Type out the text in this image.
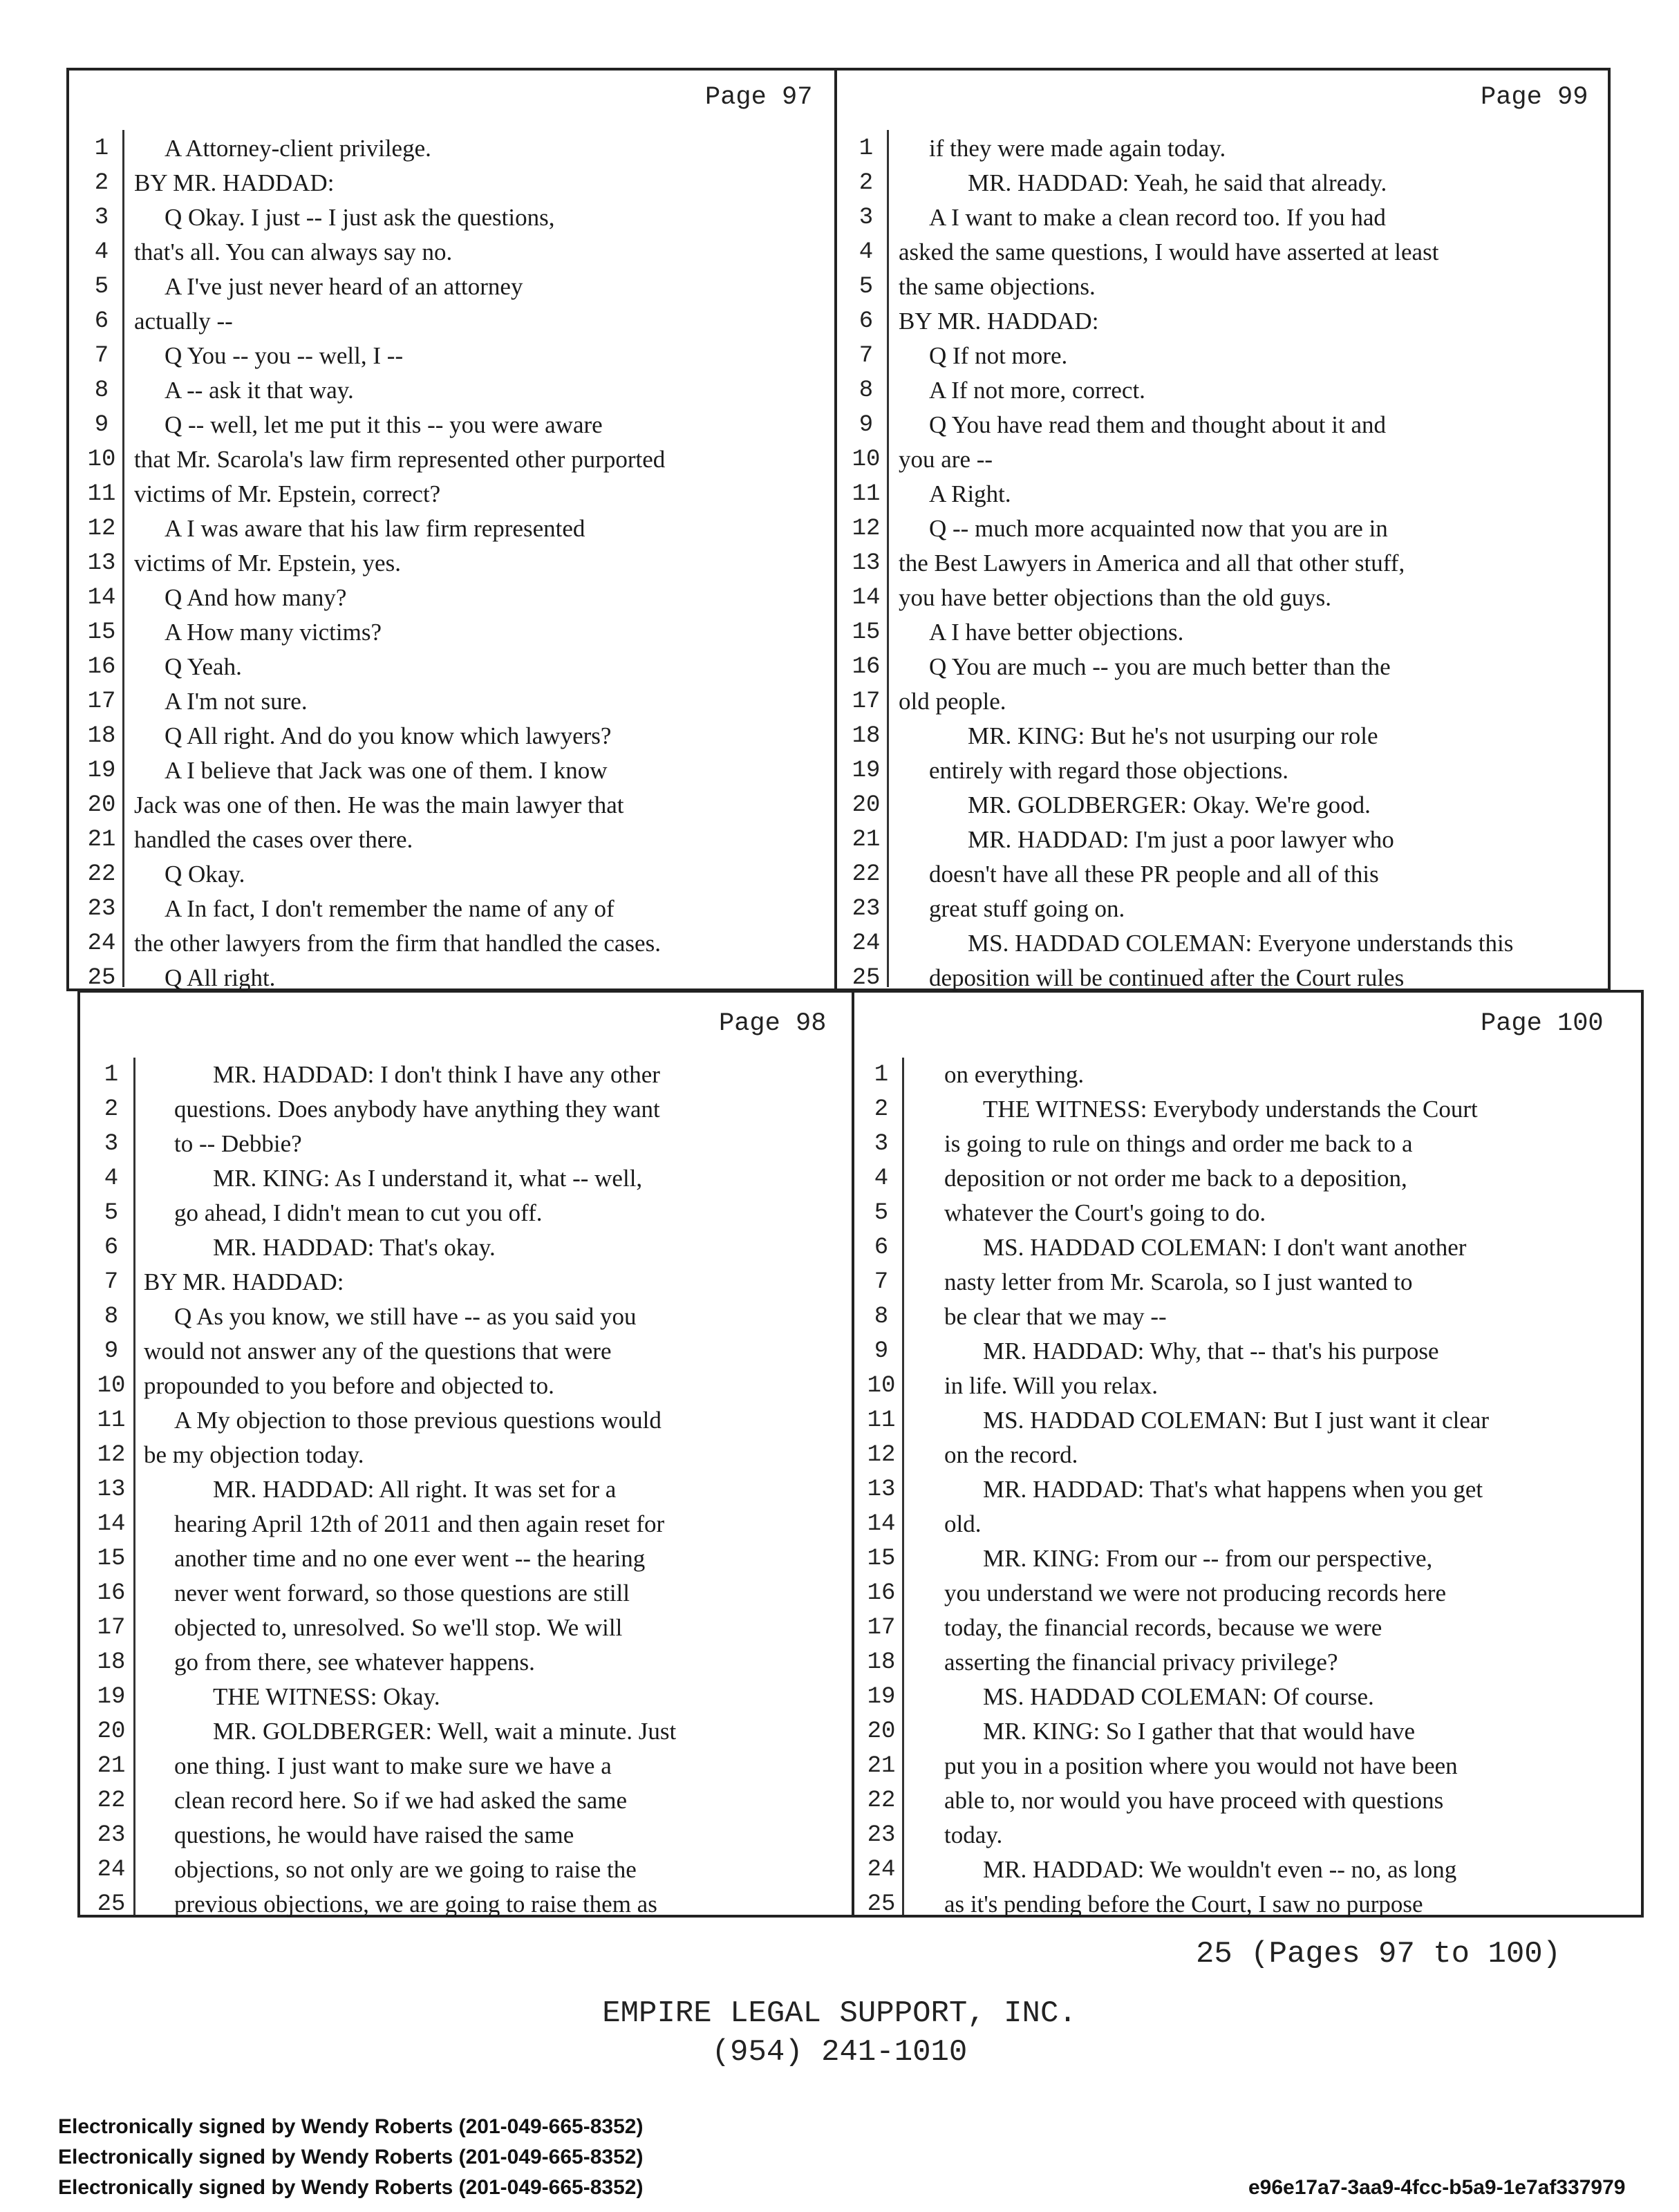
Page 97	Page 99
Page 98	Page 100
1	A Attorney-client privilege.
2	BY MR. HADDAD:
3	Q Okay. I just -- I just ask the questions,
4	that's all. You can always say no.
5	A I've just never heard of an attorney
6	actually --
7	Q You -- you -- well, I --
8	A -- ask it that way.
9	Q -- well, let me put it this -- you were aware
10 that Mr. Scarola's law firm represented other purported
11 victims of Mr. Epstein, correct?
12	A I was aware that his law firm represented
13 victims of Mr. Epstein, yes.
14	Q And how many?
15	A How many victims?
16	Q Yeah.
17	A I'm not sure.
18	Q All right. And do you know which lawyers?
19	A I believe that Jack was one of them. I know
20 Jack was one of then. He was the main lawyer that
21 handled the cases over there.
22	Q Okay.
23	A In fact, I don't remember the name of any of
24 the other lawyers from the firm that handled the cases.
25	Q All right.
1	if they were made again today.
2	MR. HADDAD: Yeah, he said that already.
3	A I want to make a clean record too. If you had
4	asked the same questions, I would have asserted at least
5	the same objections.
6	BY MR. HADDAD:
7	Q If not more.
8	A If not more, correct.
9	Q You have read them and thought about it and
10 you are --
11	A Right.
12	Q -- much more acquainted now that you are in
13 the Best Lawyers in America and all that other stuff,
14 you have better objections than the old guys.
15	A I have better objections.
16	Q You are much -- you are much better than the
17 old people.
18	MR. KING: But he's not usurping our role
19	entirely with regard those objections.
20	MR. GOLDBERGER: Okay. We're good.
21	MR. HADDAD: I'm just a poor lawyer who
22	doesn't have all these PR people and all of this
23	great stuff going on.
24	MS. HADDAD COLEMAN: Everyone understands this
25	deposition will be continued after the Court rules
1	MR. HADDAD: I don't think I have any other
2	questions. Does anybody have anything they want
3	to -- Debbie?
4	MR. KING: As I understand it, what -- well,
5	go ahead, I didn't mean to cut you off.
6	MR. HADDAD: That's okay.
7	BY MR. HADDAD:
8	Q As you know, we still have -- as you said you
9	would not answer any of the questions that were
10 propounded to you before and objected to.
11	A My objection to those previous questions would
12 be my objection today.
13	MR. HADDAD: All right. It was set for a
14	hearing April 12th of 2011 and then again reset for
15	another time and no one ever went -- the hearing
16	never went forward, so those questions are still
17	objected to, unresolved. So we'll stop. We will
18	go from there, see whatever happens.
19	THE WITNESS: Okay.
20	MR. GOLDBERGER: Well, wait a minute. Just
21	one thing. I just want to make sure we have a
22	clean record here. So if we had asked the same
23	questions, he would have raised the same
24	objections, so not only are we going to raise the
25	previous objections, we are going to raise them as
1	on everything.
2	THE WITNESS: Everybody understands the Court
3	is going to rule on things and order me back to a
4	deposition or not order me back to a deposition,
5	whatever the Court's going to do.
6	MS. HADDAD COLEMAN: I don't want another
7	nasty letter from Mr. Scarola, so I just wanted to
8	be clear that we may --
9	MR. HADDAD: Why, that -- that's his purpose
10	in life. Will you relax.
11	MS. HADDAD COLEMAN: But I just want it clear
12	on the record.
13	MR. HADDAD: That's what happens when you get
14	old.
15	MR. KING: From our -- from our perspective,
16	you understand we were not producing records here
17	today, the financial records, because we were
18	asserting the financial privacy privilege?
19	MS. HADDAD COLEMAN: Of course.
20	MR. KING: So I gather that that would have
21	put you in a position where you would not have been
22	able to, nor would you have proceed with questions
23	today.
24	MR. HADDAD: We wouldn't even -- no, as long
25	as it's pending before the Court, I saw no purpose
25 (Pages 97 to 100)
EMPIRE LEGAL SUPPORT, INC.
(954) 241-1010
Electronically signed by Wendy Roberts (201-049-665-8352)
Electronically signed by Wendy Roberts (201-049-665-8352)
Electronically signed by Wendy Roberts (201-049-665-8352)	e96e17a7-3aa9-4fcc-b5a9-1e7af337979
